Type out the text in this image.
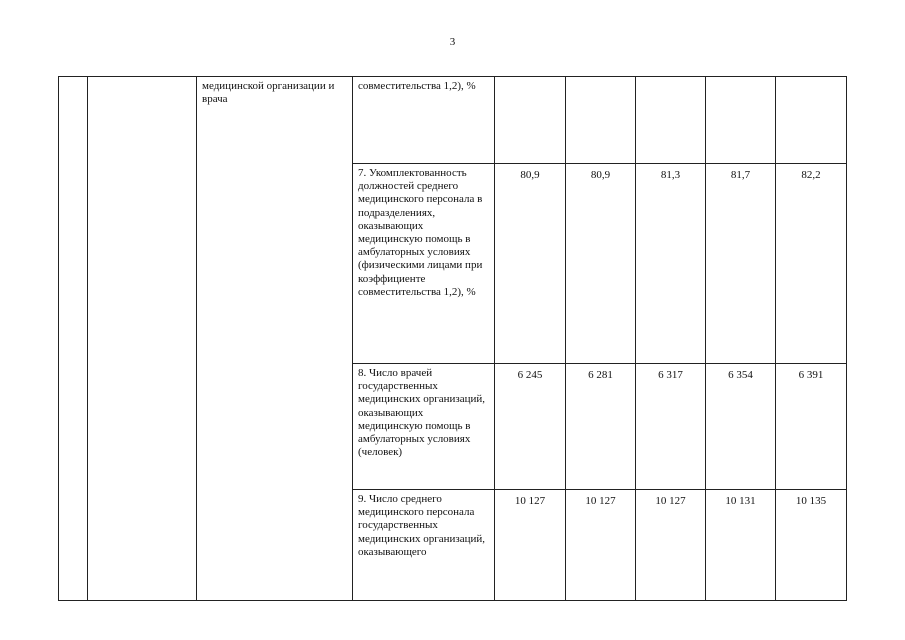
3
		медицинской организации и врача	совместительства 1,2), %					
			7. Укомплектованность должностей среднего медицинского персонала в подразделениях, оказывающих медицинскую помощь в амбулаторных условиях (физическими лицами при коэффициенте совместительства 1,2), %	80,9	80,9	81,3	81,7	82,2
			8. Число врачей государственных медицинских организаций, оказывающих медицинскую помощь в амбулаторных условиях (человек)	6 245	6 281	6 317	6 354	6 391
			9. Число среднего медицинского персонала государственных медицинских организаций, оказывающего	10 127	10 127	10 127	10 131	10 135
